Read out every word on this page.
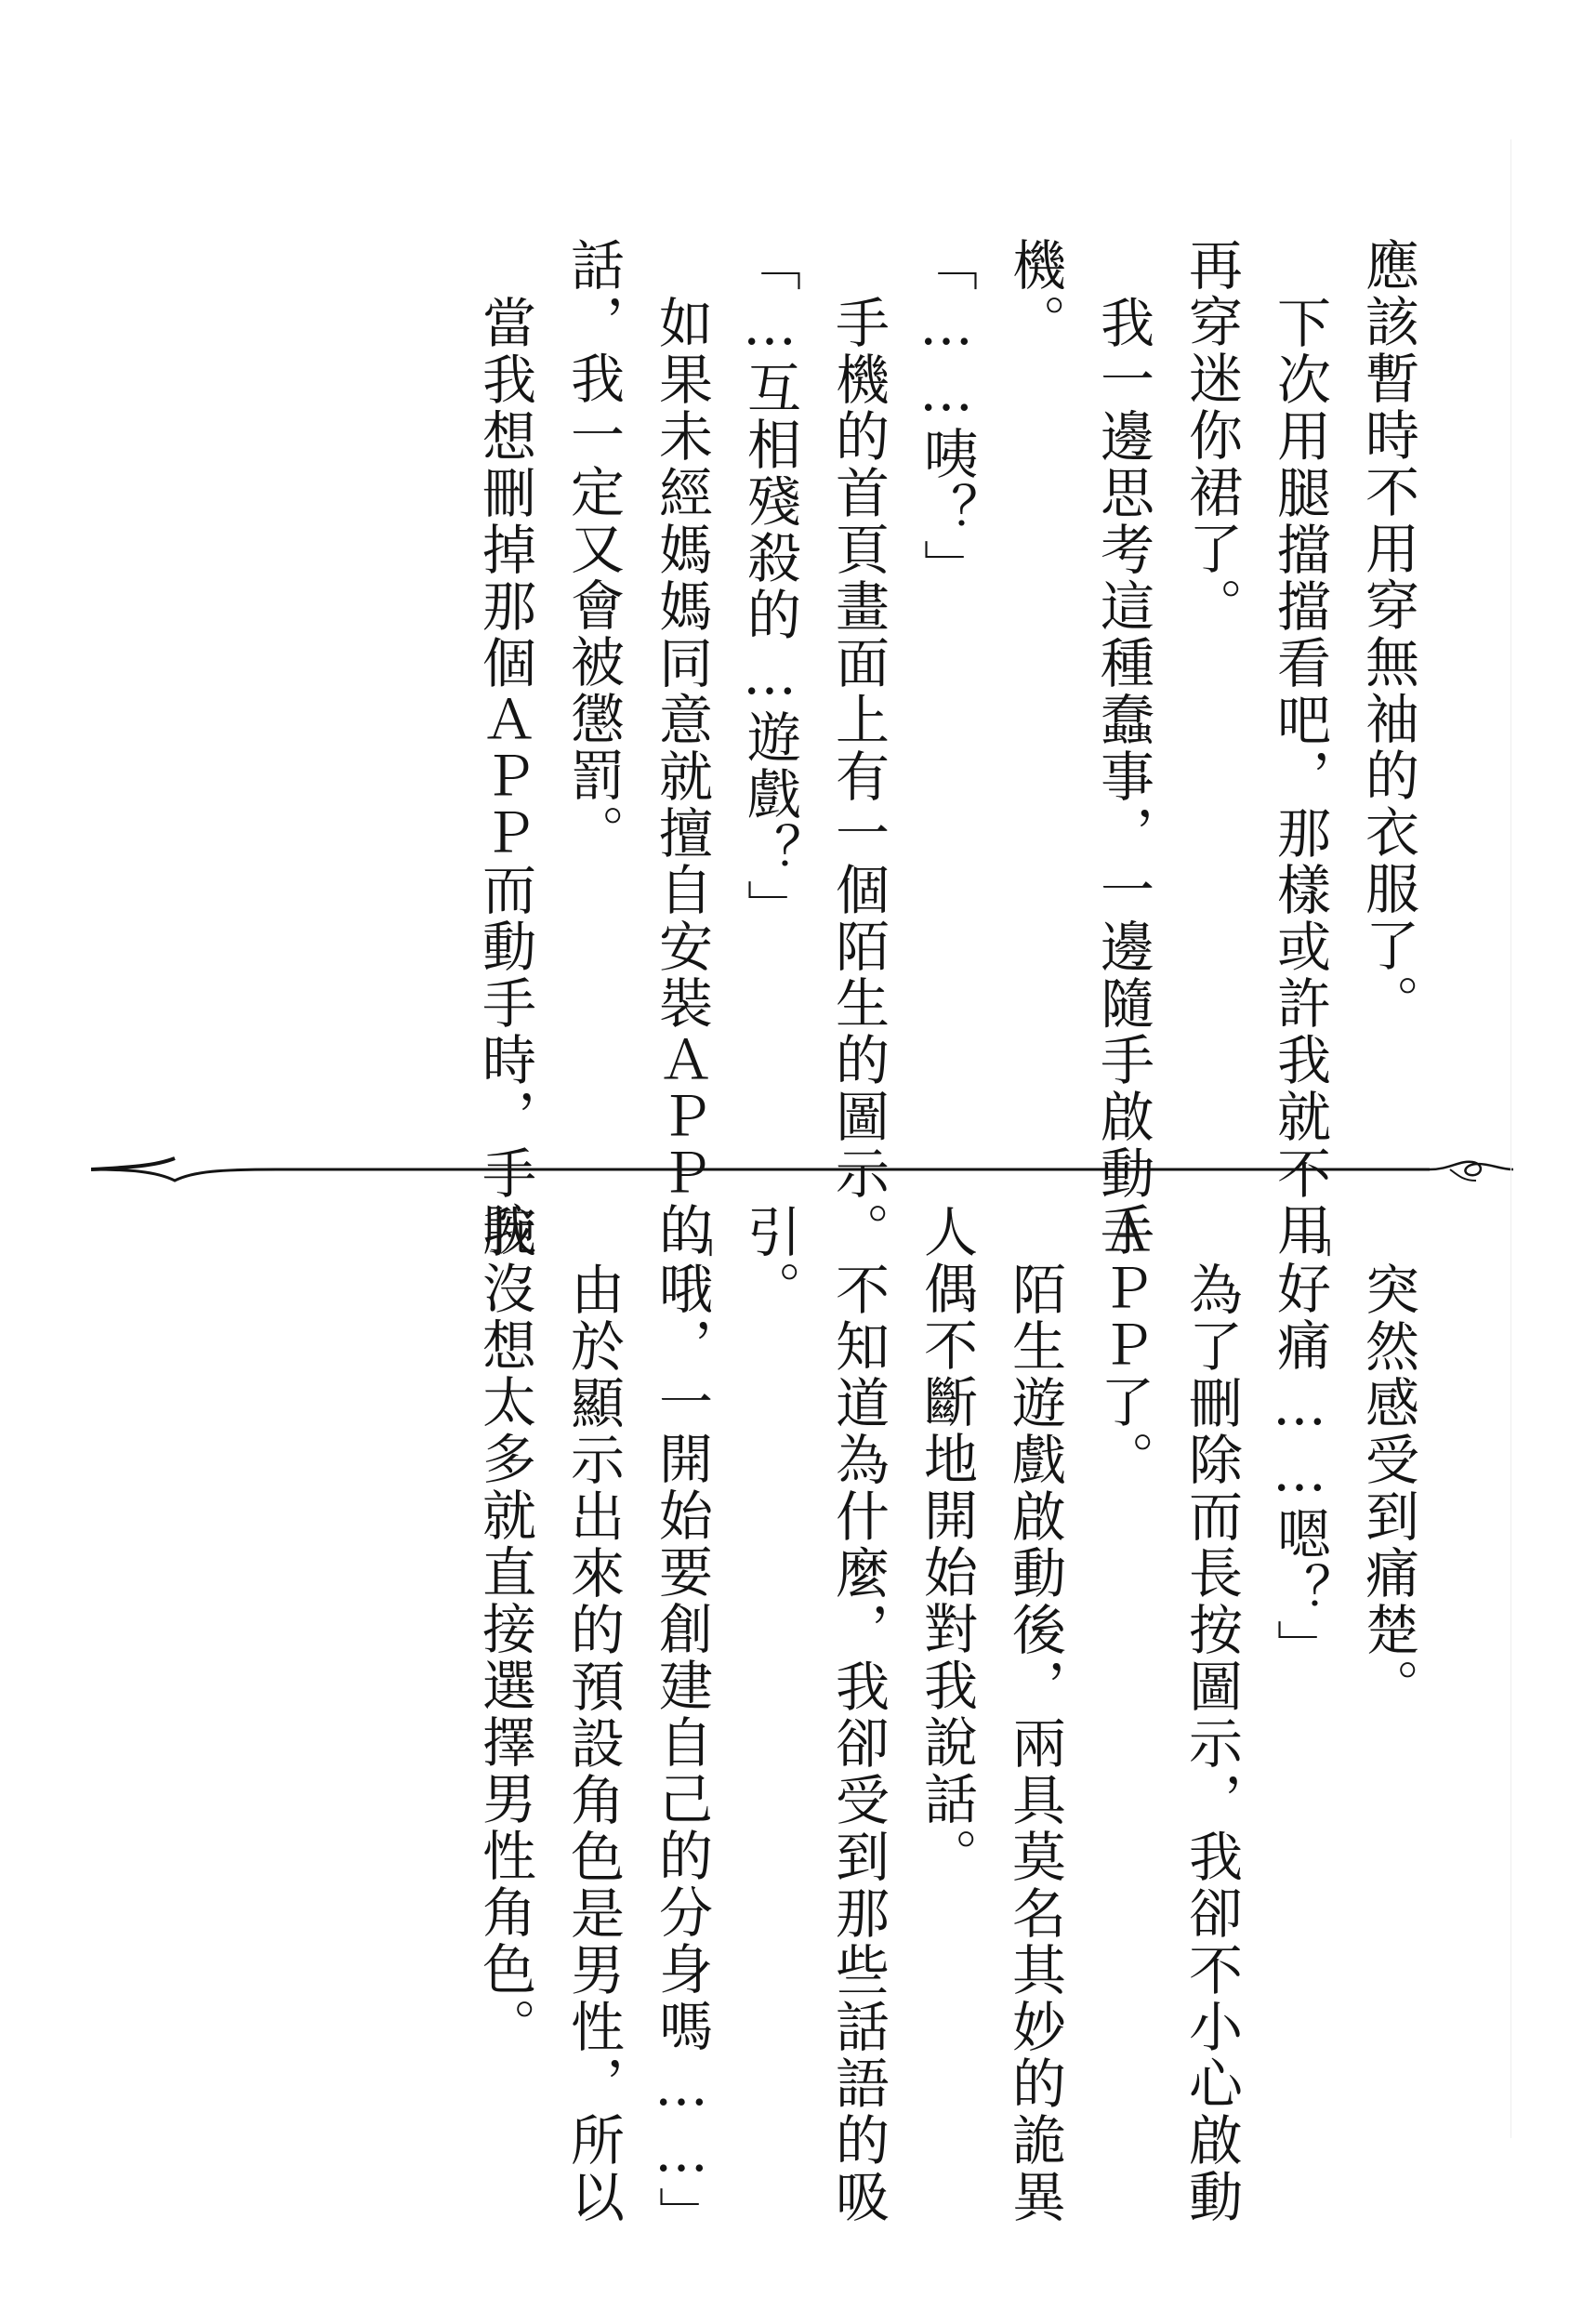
應該暫時不用穿無袖的衣服了。

下次用腿擋擋看吧，那樣或許我就不用

再穿迷你裙了。

我一邊思考這種蠢事，一邊隨手啟動手

機。

「……咦？」

手機的首頁畫面上有一個陌生的圖示。

「…互相殘殺的…遊戲？」

如果未經媽媽同意就擅自安裝ＡＰＰ的

話，我一定又會被懲罰。

當我想刪掉那個ＡＰＰ而動手時，手腕

突然感受到痛楚。

「好痛……嗯？」

為了刪除而長按圖示，我卻不小心啟動

ＡＰＰ了。

陌生遊戲啟動後，兩具莫名其妙的詭異

人偶不斷地開始對我說話。

不知道為什麼，我卻受到那些話語的吸

引。

「哦，一開始要創建自己的分身嗎……」

由於顯示出來的預設角色是男性，所以

我沒想太多就直接選擇男性角色。
